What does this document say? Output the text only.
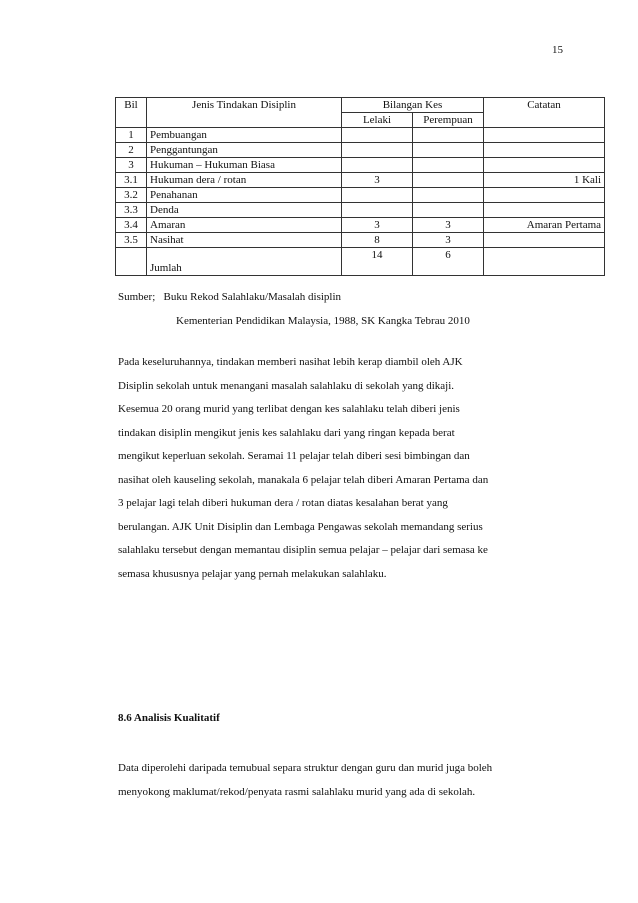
15
Bil	Jenis Tindakan Disiplin	Bilangan Kes		Catatan
		Lelaki	Perempuan	
1	Pembuangan			
2	Penggantungan			
3	Hukuman – Hukuman Biasa			
3.1	Hukuman dera / rotan	3		1 Kali
3.2	Penahanan			
3.3	Denda			
3.4	Amaran	3	3	Amaran Pertama
3.5	Nasihat	8	3	
	Jumlah	14	6	
Sumber;   Buku Rekod Salahlaku/Masalah disiplin
Kementerian Pendidikan Malaysia, 1988, SK Kangka Tebrau 2010
Pada keseluruhannya, tindakan memberi nasihat lebih kerap diambil oleh AJK
Disiplin sekolah untuk menangani masalah salahlaku di sekolah yang dikaji.
Kesemua 20 orang murid yang terlibat dengan kes salahlaku telah diberi jenis
tindakan disiplin mengikut jenis kes salahlaku dari yang ringan kepada berat
mengikut keperluan sekolah. Seramai 11 pelajar telah diberi sesi bimbingan dan
nasihat oleh kauseling sekolah, manakala 6 pelajar telah diberi Amaran Pertama dan
3 pelajar lagi telah diberi hukuman dera / rotan diatas kesalahan berat yang
berulangan. AJK Unit Disiplin dan Lembaga Pengawas sekolah memandang serius
salahlaku tersebut dengan memantau disiplin semua pelajar – pelajar dari semasa ke
semasa khususnya pelajar yang pernah melakukan salahlaku.
8.6 Analisis Kualitatif
Data diperolehi daripada temubual separa struktur dengan guru dan murid juga boleh
menyokong maklumat/rekod/penyata rasmi salahlaku murid yang ada di sekolah.
